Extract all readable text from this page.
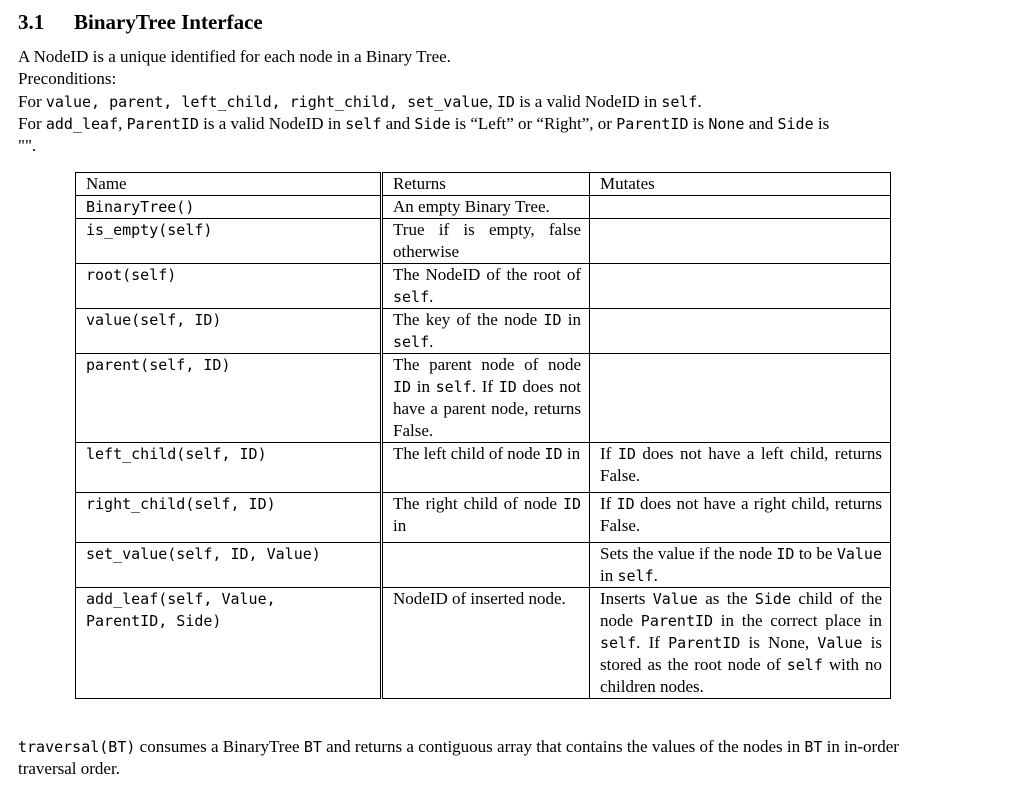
3.1 BinaryTree Interface
A NodeID is a unique identified for each node in a Binary Tree.
Preconditions:
For value, parent, left_child, right_child, set_value, ID is a valid NodeID in self.
For add_leaf, ParentID is a valid NodeID in self and Side is “Left” or “Right”, or ParentID is None and Side is
"".
Name	Returns	Mutates
BinaryTree()	An empty Binary Tree.	
is_empty(self)	True if is empty, false otherwise	
root(self)	The NodeID of the root of self.	
value(self, ID)	The key of the node ID in self.	
parent(self, ID)	The parent node of node ID in self. If ID does not have a parent node, returns False.	
left_child(self, ID)	The left child of node ID in	If ID does not have a left child, returns False.
right_child(self, ID)	The right child of node ID in	If ID does not have a right child, returns False.
set_value(self, ID, Value)		Sets the value if the node ID to be Value in self.

add_leaf(self, Value,
ParentID, Side)	NodeID of inserted node.	Inserts Value as the Side child of the node ParentID in the correct place in self. If ParentID is None, Value is stored as the root node of self with no children nodes.
traversal(BT) consumes a BinaryTree BT and returns a contiguous array that contains the values of the nodes in BT in in-order traversal order.
